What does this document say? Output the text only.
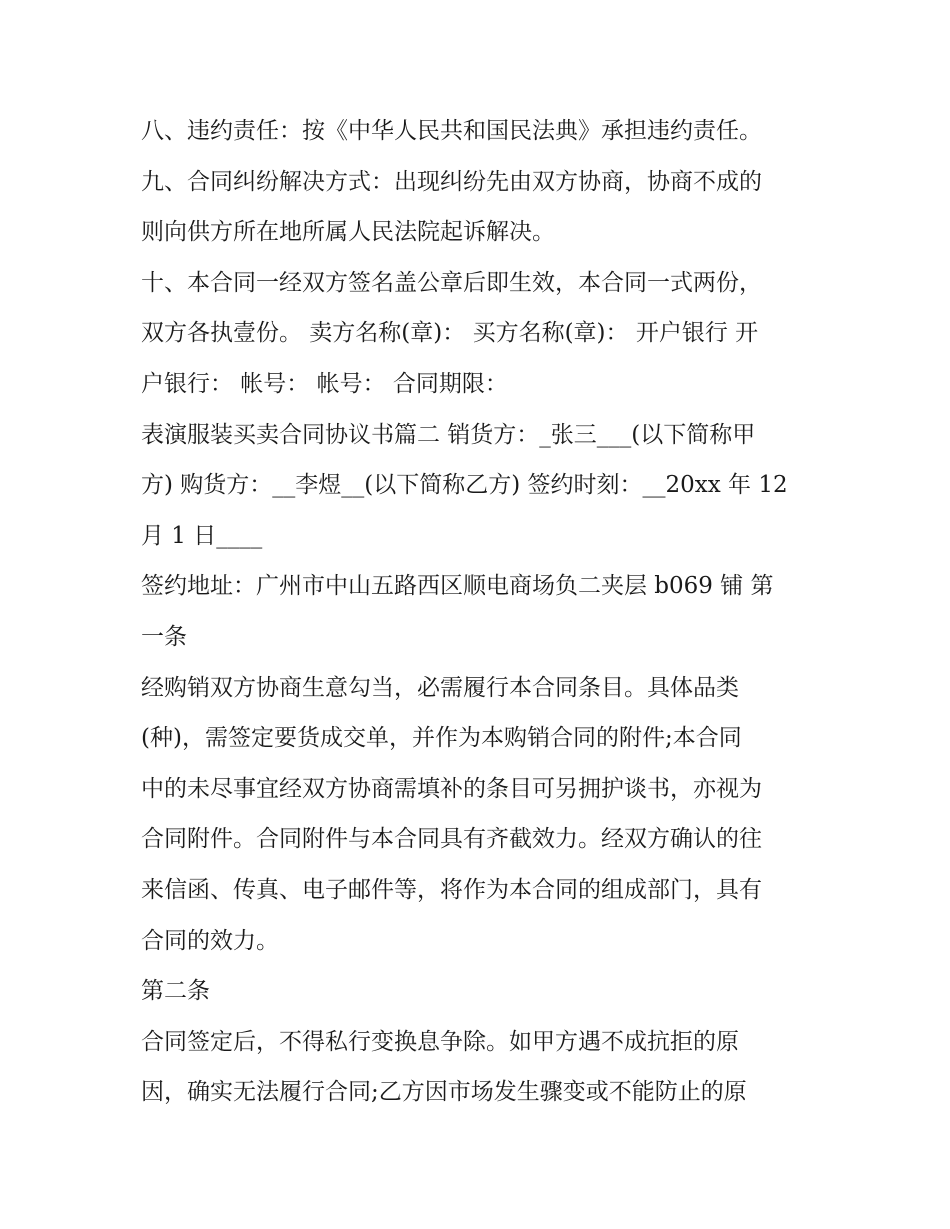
八、违约责任：按《中华人民共和国民法典》承担违约责任。
九、合同纠纷解决方式：出现纠纷先由双方协商，协商不成的
则向供方所在地所属人民法院起诉解决。
十、本合同一经双方签名盖公章后即生效，本合同一式两份，
双方各执壹份。 卖方名称(章)： 买方名称(章)： 开户银行 开
户银行： 帐号： 帐号： 合同期限：
表演服装买卖合同协议书篇二 销货方：_张三___(以下简称甲
方) 购货方：__李煜__(以下简称乙方) 签约时刻：__20xx 年 12
月 1 日____
签约地址：广州市中山五路西区顺电商场负二夹层 b069 铺 第
一条
经购销双方协商生意勾当，必需履行本合同条目。具体品类
(种)，需签定要货成交单，并作为本购销合同的附件;本合同
中的未尽事宜经双方协商需填补的条目可另拥护谈书，亦视为
合同附件。合同附件与本合同具有齐截效力。经双方确认的往
来信函、传真、电子邮件等，将作为本合同的组成部门，具有
合同的效力。
第二条
合同签定后，不得私行变换息争除。如甲方遇不成抗拒的原
因，确实无法履行合同;乙方因市场发生骤变或不能防止的原
